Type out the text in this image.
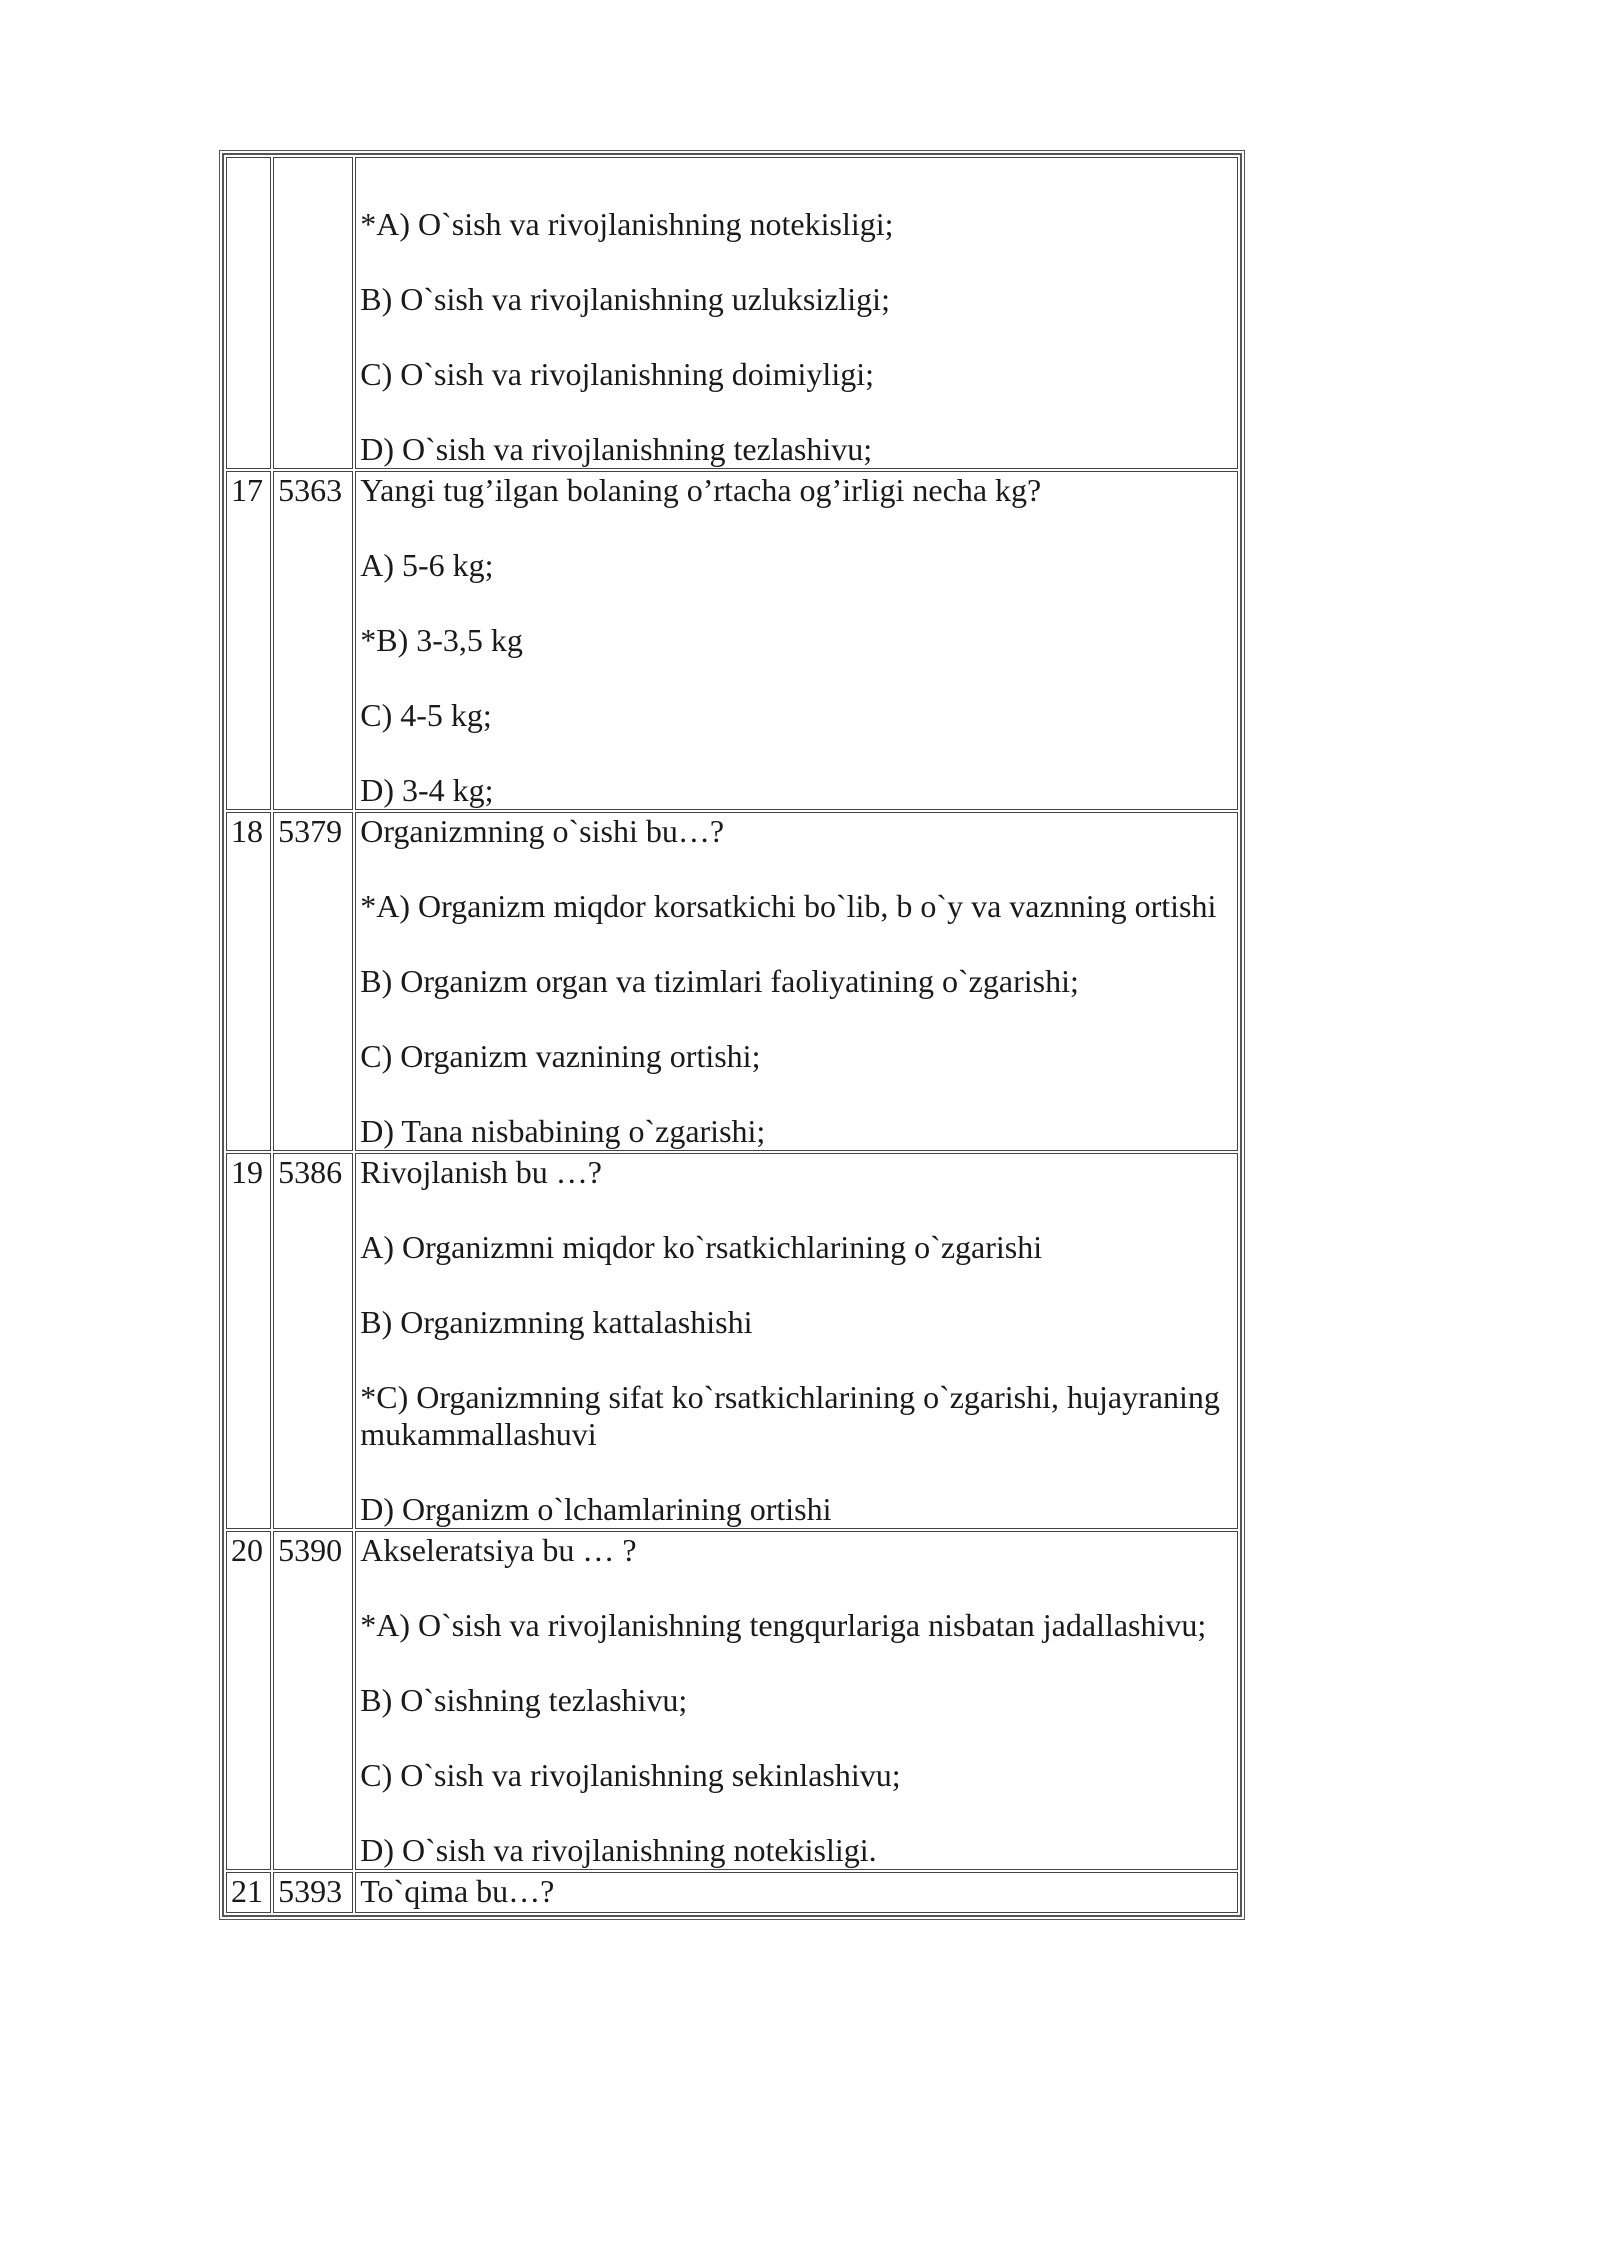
		*A) O`sish va rivojlanishning notekisligi;

B) O`sish va rivojlanishning uzluksizligi;

C) O`sish va rivojlanishning doimiyligi;

D) O`sish va rivojlanishning tezlashivu;

17	5363	Yangi tug’ilgan bolaning o’rtacha og’irligi necha kg?

A) 5-6 kg;

*B) 3-3,5 kg

C) 4-5 kg;

D) 3-4 kg;

18	5379	Organizmning o`sishi bu…?

*A) Organizm miqdor korsatkichi bo`lib, b o`y va vaznning ortishi

B) Organizm organ va tizimlari faoliyatining o`zgarishi;

C) Organizm vaznining ortishi;

D) Tana nisbabining o`zgarishi;

19	5386	Rivojlanish bu …?

A) Organizmni miqdor ko`rsatkichlarining o`zgarishi

B) Organizmning kattalashishi

*C) Organizmning sifat ko`rsatkichlarining o`zgarishi, hujayraning mukammallashuvi

D) Organizm o`lchamlarining ortishi

20	5390	Akseleratsiya bu … ?

*A) O`sish va rivojlanishning tengqurlariga nisbatan jadallashivu;

B) O`sishning tezlashivu;

C) O`sish va rivojlanishning sekinlashivu;

D) O`sish va rivojlanishning notekisligi.

21	5393	To`qima bu…?
